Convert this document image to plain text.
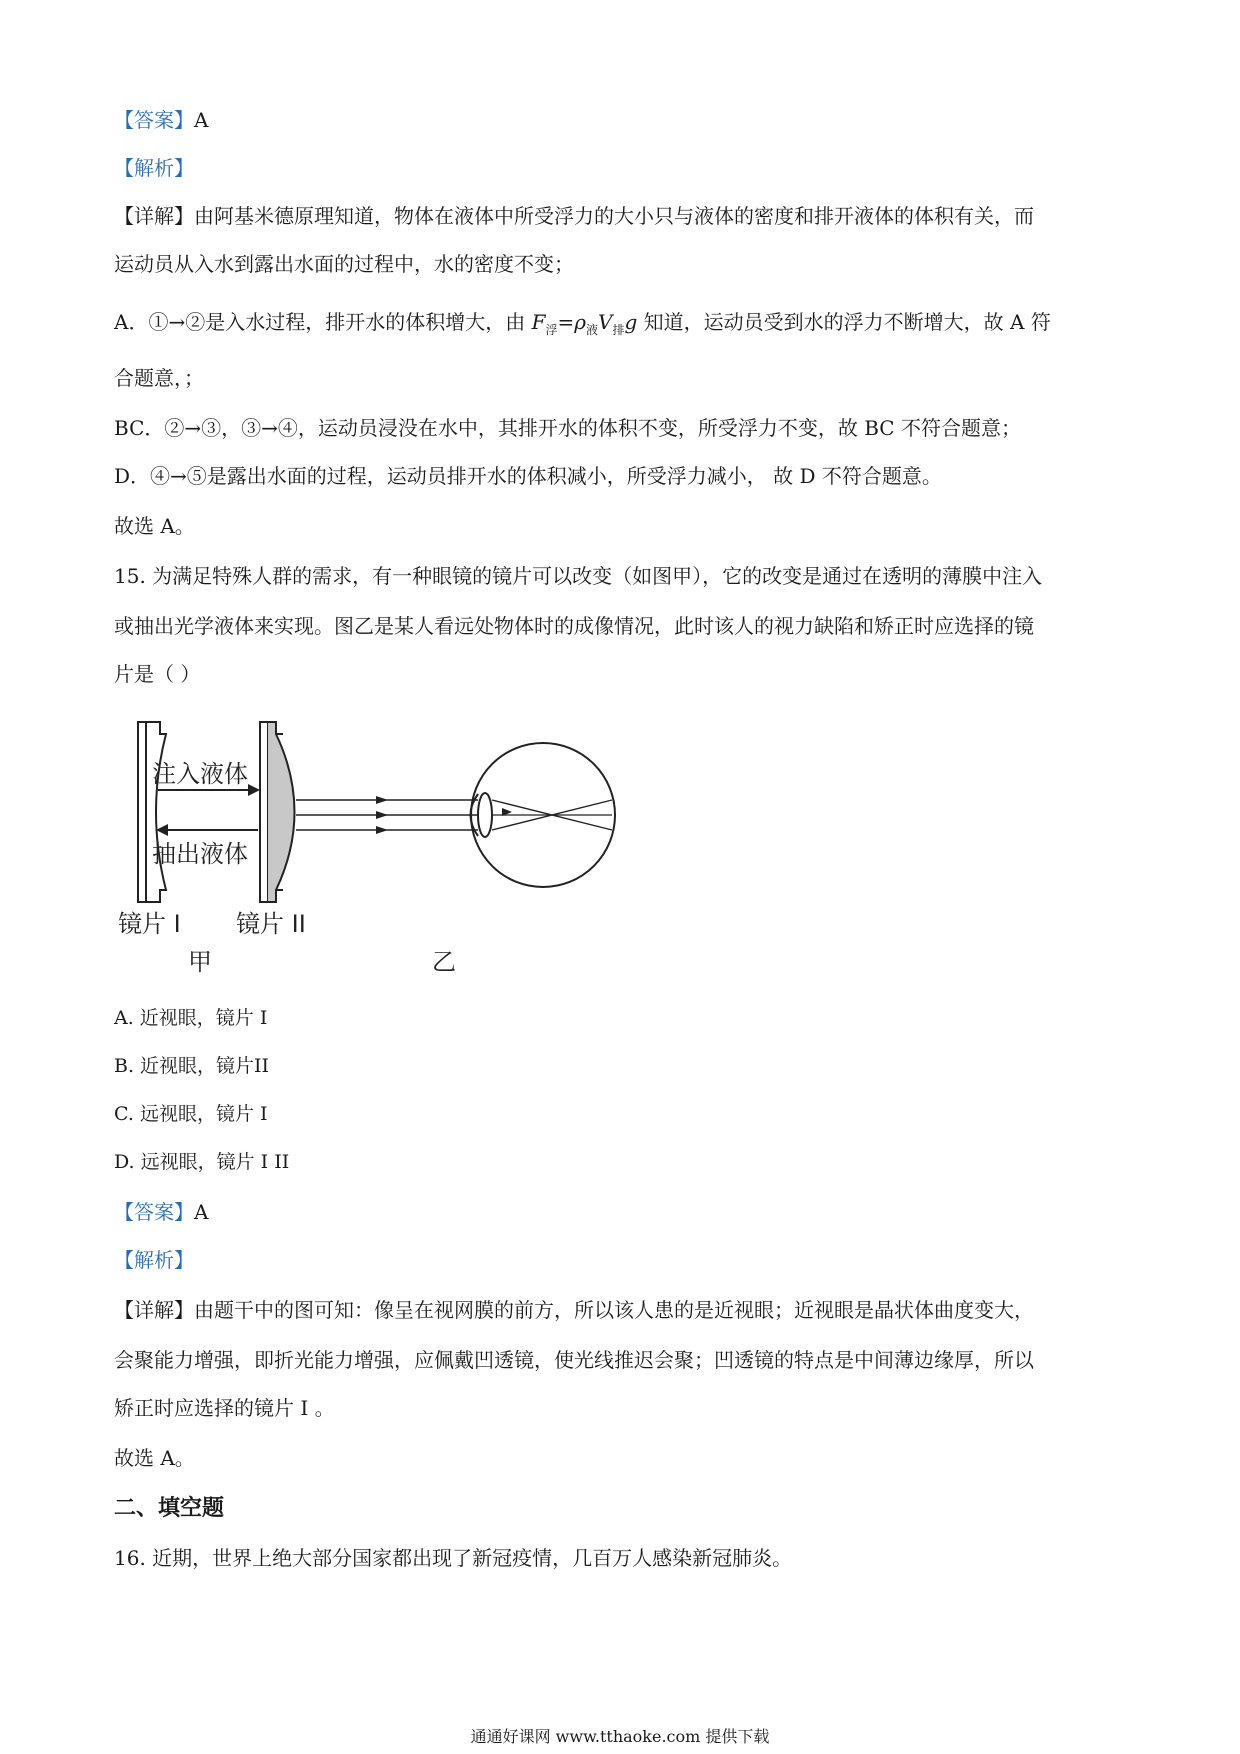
【答案】A
【解析】
【详解】由阿基米德原理知道，物体在液体中所受浮力的大小只与液体的密度和排开液体的体积有关，而
运动员从入水到露出水面的过程中，水的密度不变；
A．①→②是入水过程，排开水的体积增大，由 $F_浮=\rho_液V_排g$ 知道，运动员受到水的浮力不断增大，故 A 符
合题意，；
BC．②→③，③→④，运动员浸没在水中，其排开水的体积不变，所受浮力不变，故 BC 不符合题意；
D．④→⑤是露出水面的过程，运动员排开水的体积减小，所受浮力减小， 故 D 不符合题意。
故选 A。
15. 为满足特殊人群的需求，有一种眼镜的镜片可以改变（如图甲），它的改变是通过在透明的薄膜中注入
或抽出光学液体来实现。图乙是某人看远处物体时的成像情况，此时该人的视力缺陷和矫正时应选择的镜
片是（ ）
注入液体
抽出液体
镜片 I 镜片 II
甲	乙
A. 近视眼，镜片 I
B. 近视眼，镜片II
C. 远视眼，镜片 I
D. 远视眼，镜片 I II
【答案】A
【解析】
【详解】由题干中的图可知：像呈在视网膜的前方，所以该人患的是近视眼；近视眼是晶状体曲度变大，
会聚能力增强，即折光能力增强，应佩戴凹透镜，使光线推迟会聚；凹透镜的特点是中间薄边缘厚，所以
矫正时应选择的镜片 I 。
故选 A。
二、填空题
16. 近期，世界上绝大部分国家都出现了新冠疫情，几百万人感染新冠肺炎。
通通好课网 www.tthaoke.com 提供下载
